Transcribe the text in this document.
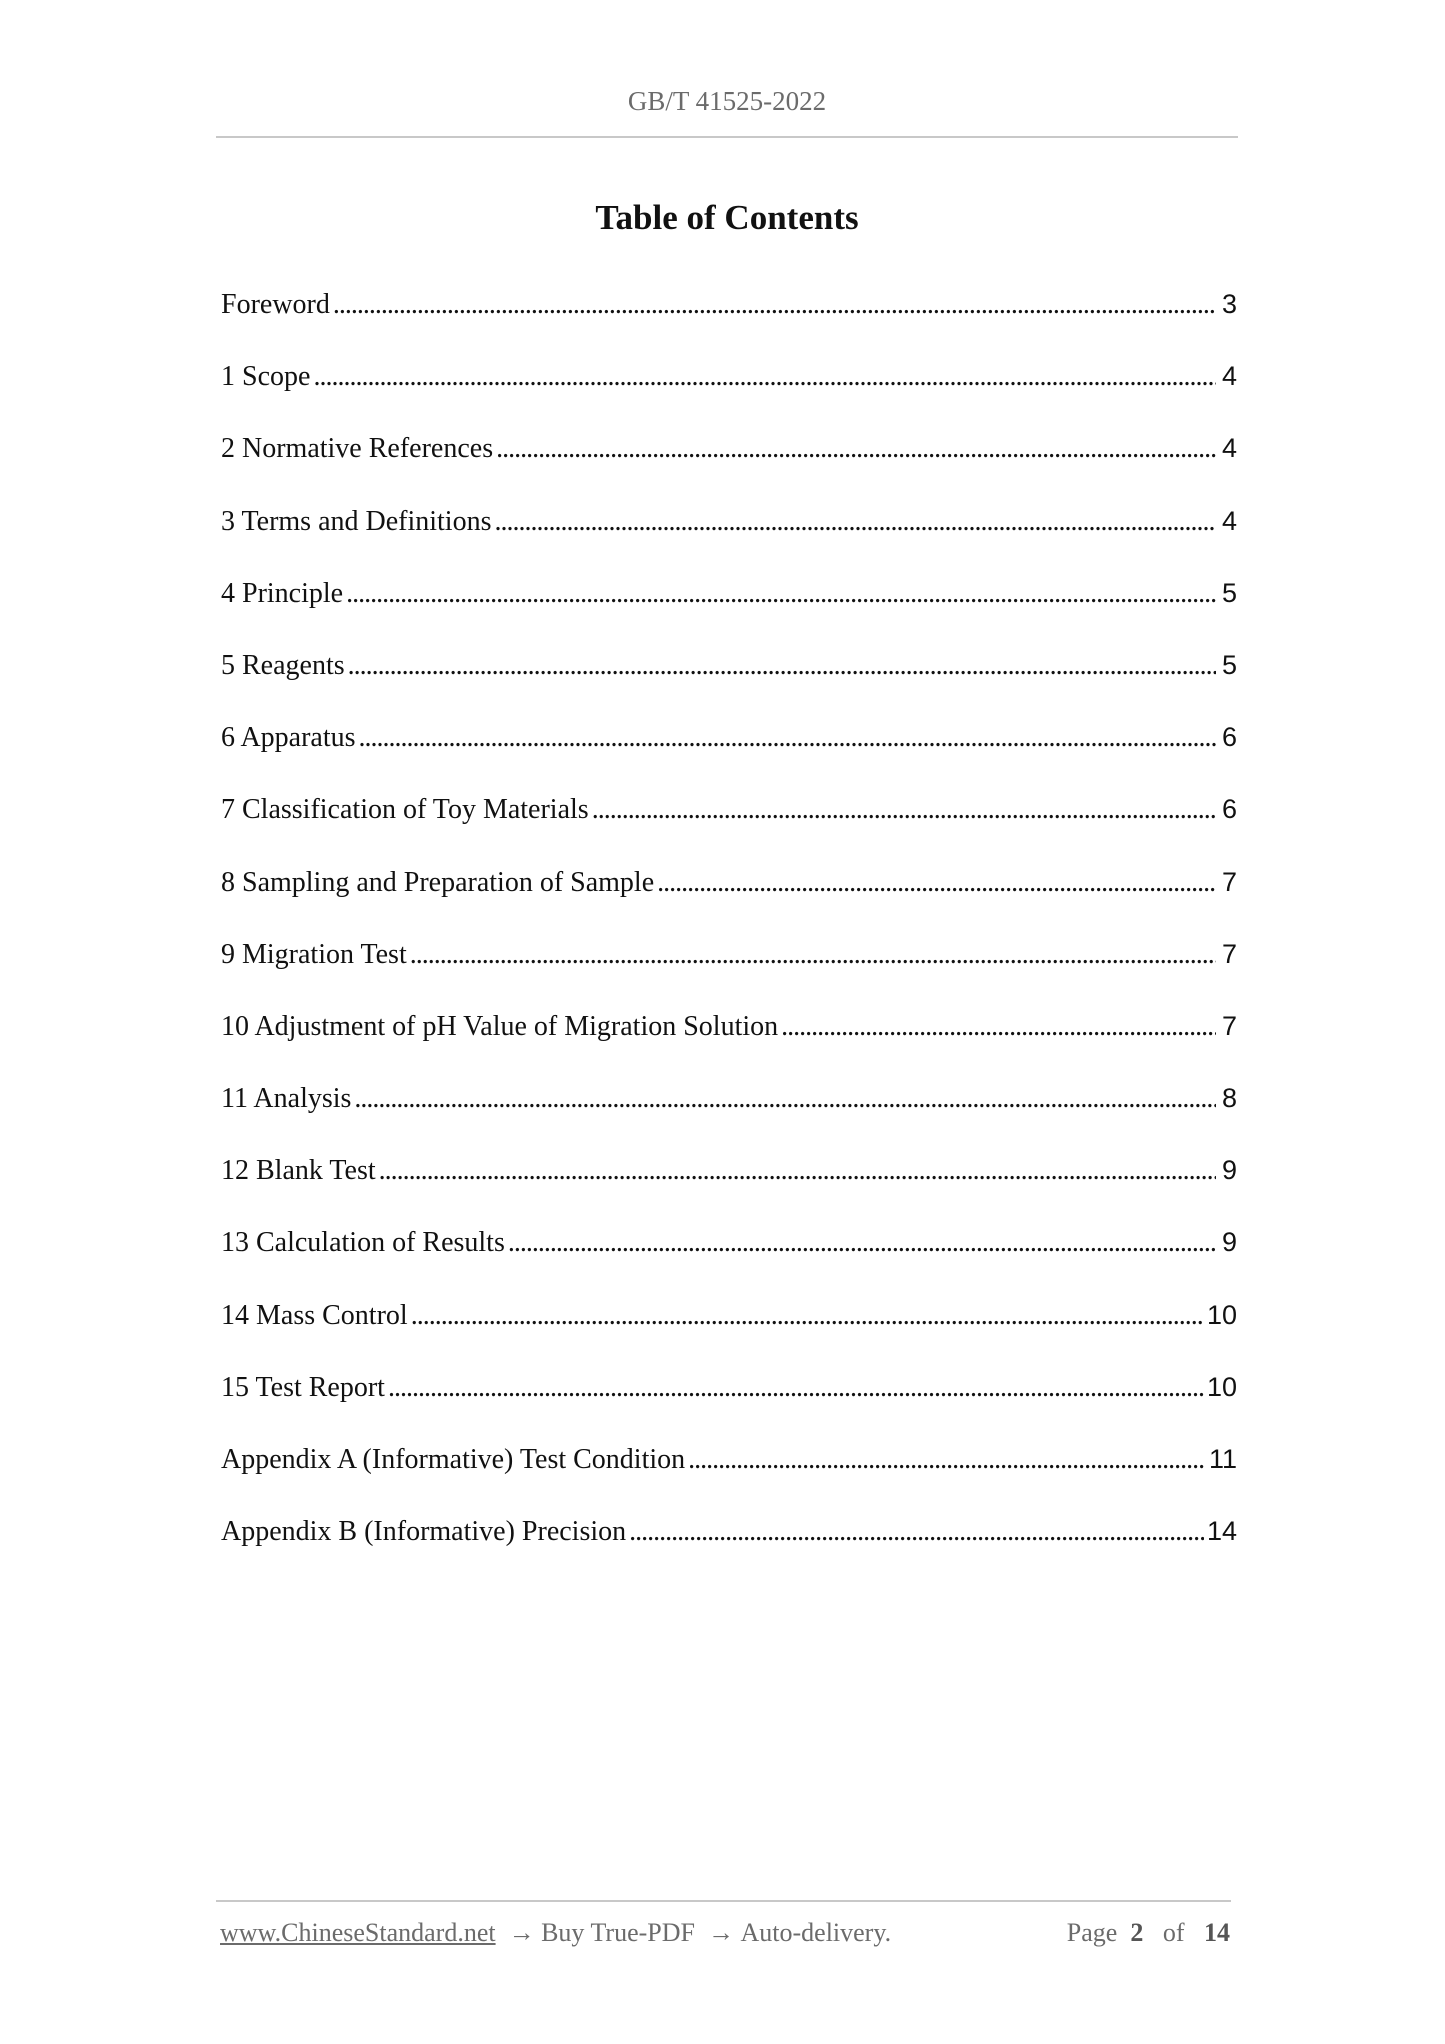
GB/T 41525-2022
Table of Contents
Foreword . . .	3
1 Scope . . .	4
2 Normative References . . .	4
3 Terms and Definitions . . .	4
4 Principle . . .	5
5 Reagents . . .	5
6 Apparatus . . .	6
7 Classification of Toy Materials . . .	6
8 Sampling and Preparation of Sample . . .	7
9 Migration Test . . .	7
10 Adjustment of pH Value of Migration Solution . . .	7
11 Analysis . . .	8
12 Blank Test . . .	9
13 Calculation of Results . . .	9
14 Mass Control . . .	10
15 Test Report . . .	10
Appendix A (Informative) Test Condition . . .	11
Appendix B (Informative) Precision . . .	14
www.ChineseStandard.net  → Buy True-PDF  → Auto-delivery.	Page 2 of 14
